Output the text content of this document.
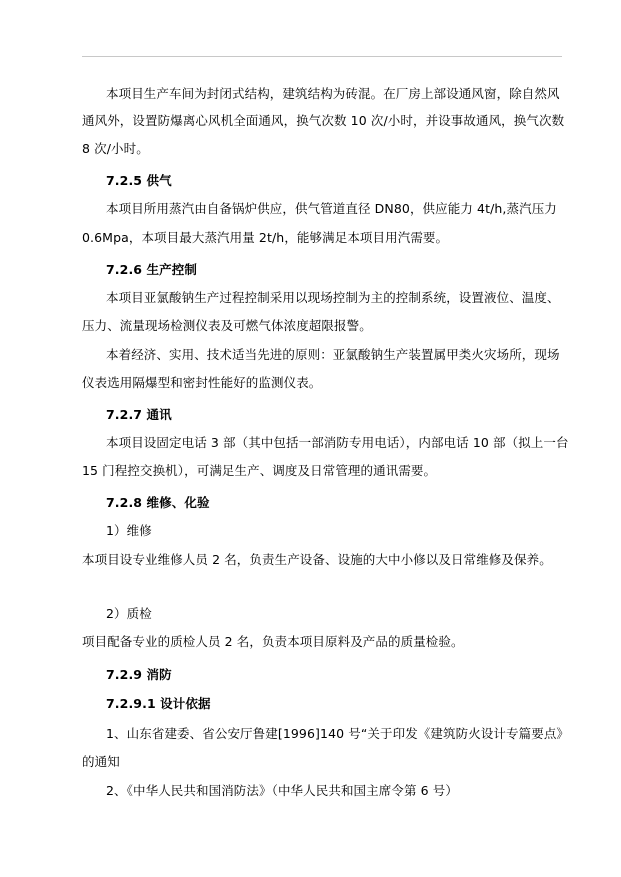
本项目生产车间为封闭式结构，建筑结构为砖混。在厂房上部设通风窗，除自然风
通风外，设置防爆离心风机全面通风，换气次数 10 次/小时，并设事故通风，换气次数
8 次/小时。
7.2.5 供气
本项目所用蒸汽由自备锅炉供应，供气管道直径 DN80，供应能力 4t/h,蒸汽压力
0.6Mpa，本项目最大蒸汽用量 2t/h，能够满足本项目用汽需要。
7.2.6 生产控制
本项目亚氯酸钠生产过程控制采用以现场控制为主的控制系统，设置液位、温度、
压力、流量现场检测仪表及可燃气体浓度超限报警。
本着经济、实用、技术适当先进的原则：亚氯酸钠生产装置属甲类火灾场所，现场
仪表选用隔爆型和密封性能好的监测仪表。
7.2.7 通讯
本项目设固定电话 3 部（其中包括一部消防专用电话），内部电话 10 部（拟上一台
15 门程控交换机），可满足生产、调度及日常管理的通讯需要。
7.2.8 维修、化验
1）维修
本项目设专业维修人员 2 名，负责生产设备、设施的大中小修以及日常维修及保养。
2）质检
项目配备专业的质检人员 2 名，负责本项目原料及产品的质量检验。
7.2.9 消防
7.2.9.1 设计依据
1、山东省建委、省公安厅鲁建[1996]140 号“关于印发《建筑防火设计专篇要点》
的通知
2、《中华人民共和国消防法》（中华人民共和国主席令第 6 号）
